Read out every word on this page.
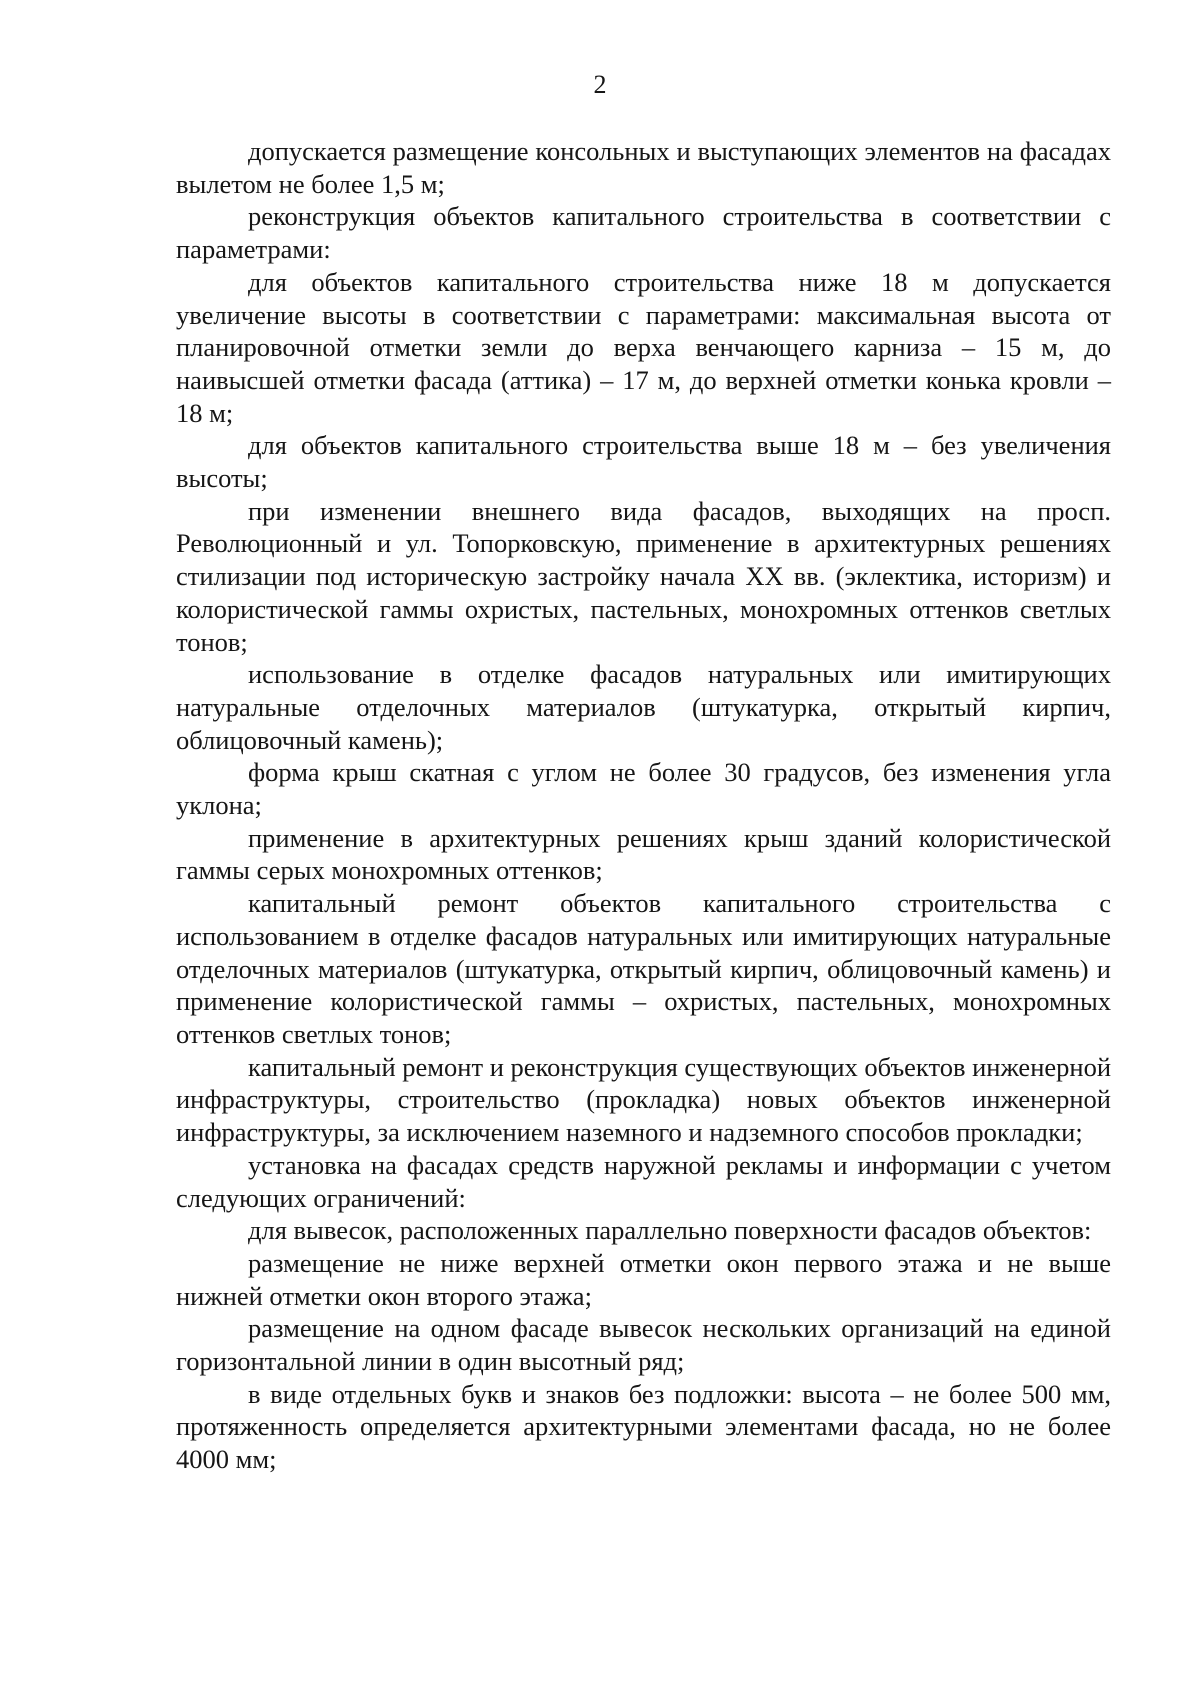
2

допускается размещение консольных и выступающих элементов на фасадах вылетом не более 1,5 м;

реконструкция объектов капитального строительства в соответствии с параметрами:

для объектов капитального строительства ниже 18 м допускается увеличение высоты в соответствии с параметрами: максимальная высота от планировочной отметки земли до верха венчающего карниза – 15 м, до наивысшей отметки фасада (аттика) – 17 м, до верхней отметки конька кровли – 18 м;

для объектов капитального строительства выше 18 м – без увеличения высоты;

при изменении внешнего вида фасадов, выходящих на просп. Революционный и ул. Топорковскую, применение в архитектурных решениях стилизации под историческую застройку начала XX вв. (эклектика, историзм) и колористической гаммы охристых, пастельных, монохромных оттенков светлых тонов;

использование в отделке фасадов натуральных или имитирующих натуральные отделочных материалов (штукатурка, открытый кирпич, облицовочный камень);

форма крыш скатная с углом не более 30 градусов, без изменения угла уклона;

применение в архитектурных решениях крыш зданий колористической гаммы серых монохромных оттенков;

капитальный ремонт объектов капитального строительства с использованием в отделке фасадов натуральных или имитирующих натуральные отделочных материалов (штукатурка, открытый кирпич, облицовочный камень) и применение колористической гаммы – охристых, пастельных, монохромных оттенков светлых тонов;

капитальный ремонт и реконструкция существующих объектов инженерной инфраструктуры, строительство (прокладка) новых объектов инженерной инфраструктуры, за исключением наземного и надземного способов прокладки;

установка на фасадах средств наружной рекламы и информации с учетом следующих ограничений:

для вывесок, расположенных параллельно поверхности фасадов объектов:

размещение не ниже верхней отметки окон первого этажа и не выше нижней отметки окон второго этажа;

размещение на одном фасаде вывесок нескольких организаций на единой горизонтальной линии в один высотный ряд;

в виде отдельных букв и знаков без подложки: высота – не более 500 мм, протяженность определяется архитектурными элементами фасада, но не более 4000 мм;
